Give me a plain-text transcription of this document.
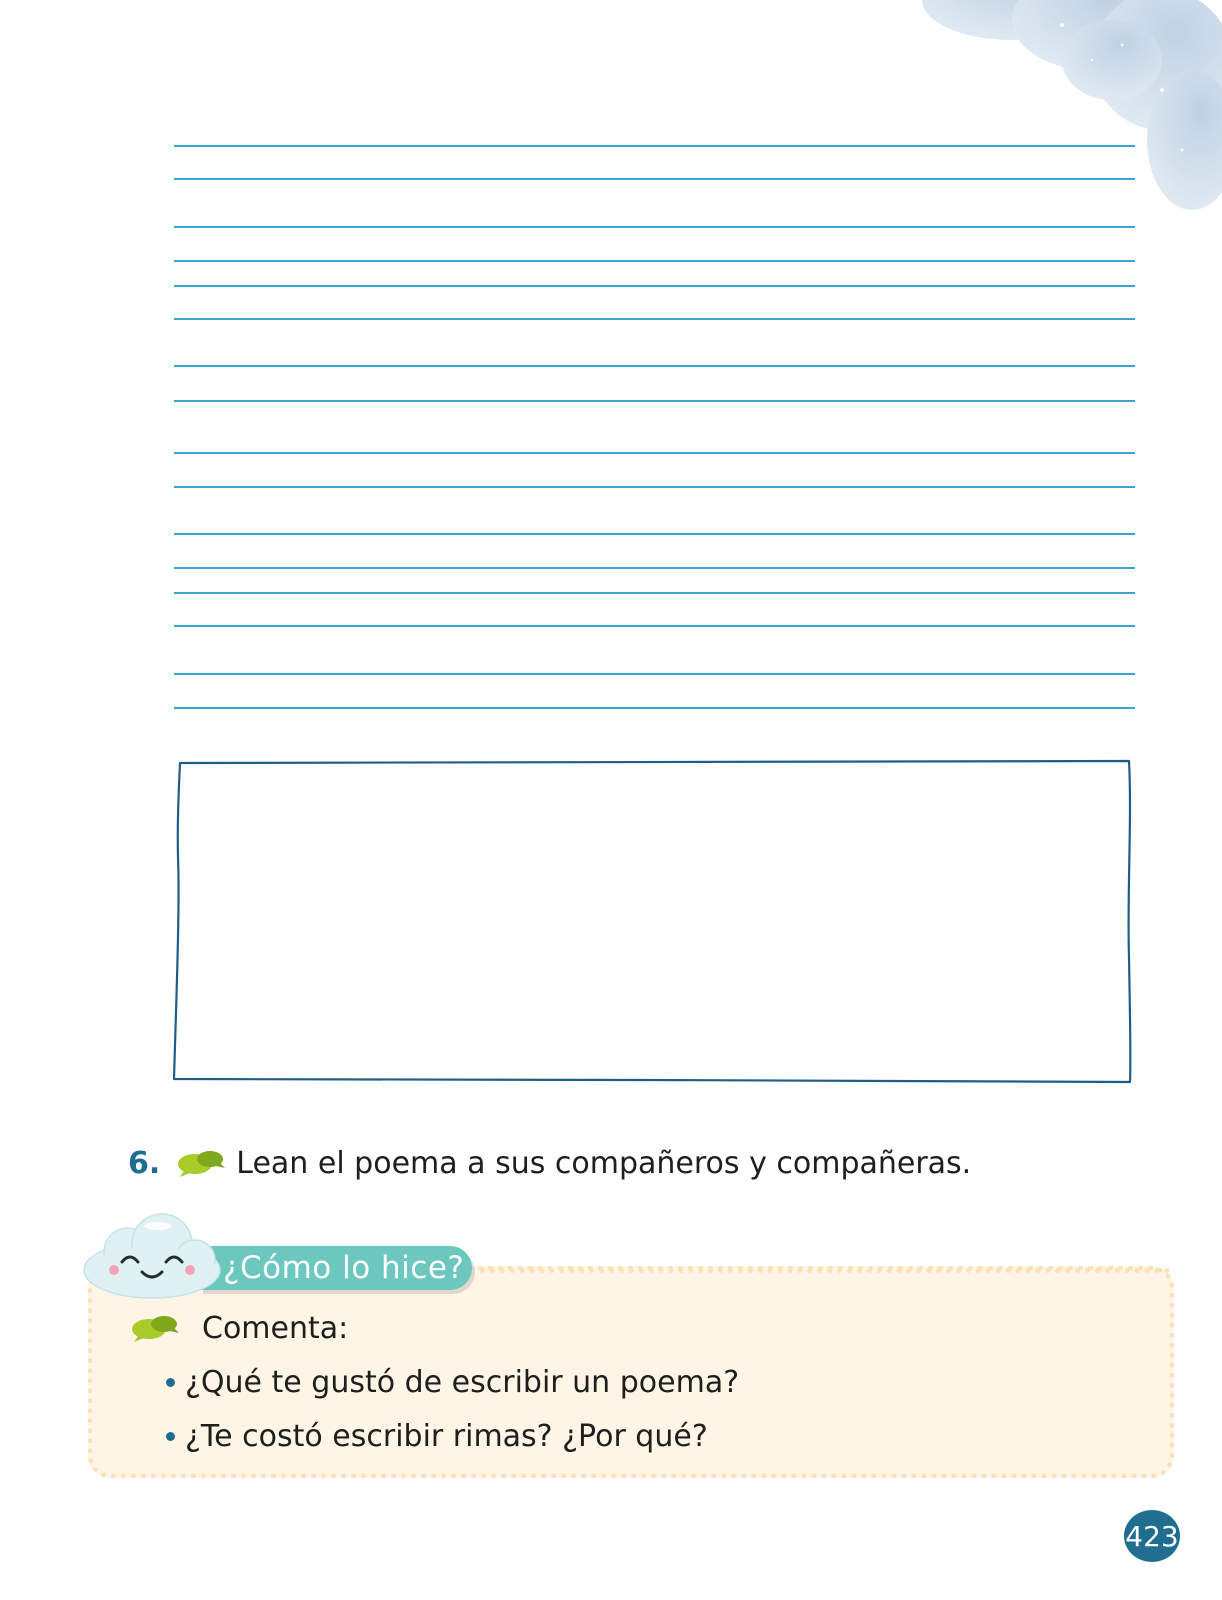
6.	Lean el poema a sus compañeros y compañeras.
¿Cómo lo hice?
Comenta:
¿Qué te gustó de escribir un poema?
¿Te costó escribir rimas? ¿Por qué?
423
